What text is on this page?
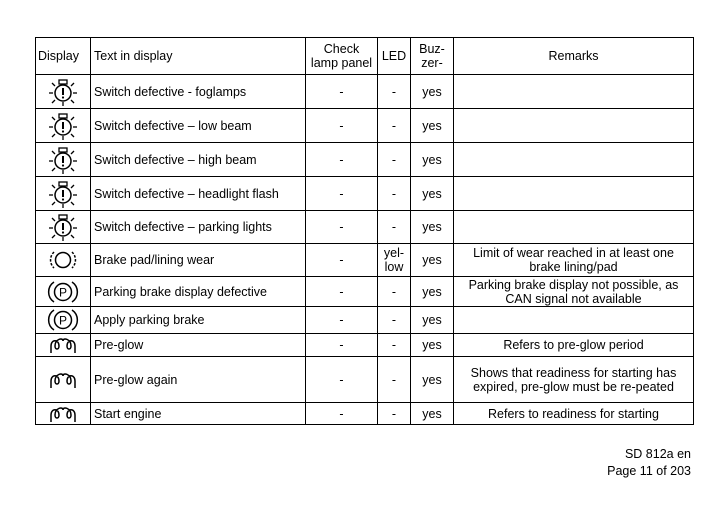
Display	Text in display	Check lamp panel	LED	Buz-zer-	Remarks

	Switch defective - foglamps	-	-	yes	

	Switch defective – low beam	-	-	yes	

	Switch defective – high beam	-	-	yes	

	Switch defective – headlight flash	-	-	yes	

	Switch defective – parking lights	-	-	yes	

	Brake pad/lining wear	-	yel-low	yes	Limit of wear reached in at least one brake lining/pad

P	Parking brake display defective	-	-	yes	Parking brake display not possible, as CAN signal not available

P	Apply parking brake	-	-	yes	

	Pre-glow	-	-	yes	Refers to pre-glow period

	Pre-glow again	-	-	yes	Shows that readiness for starting has expired, pre-glow must be re-peated

	Start engine	-	-	yes	Refers to readiness for starting
SD 812a en
Page 11 of 203
